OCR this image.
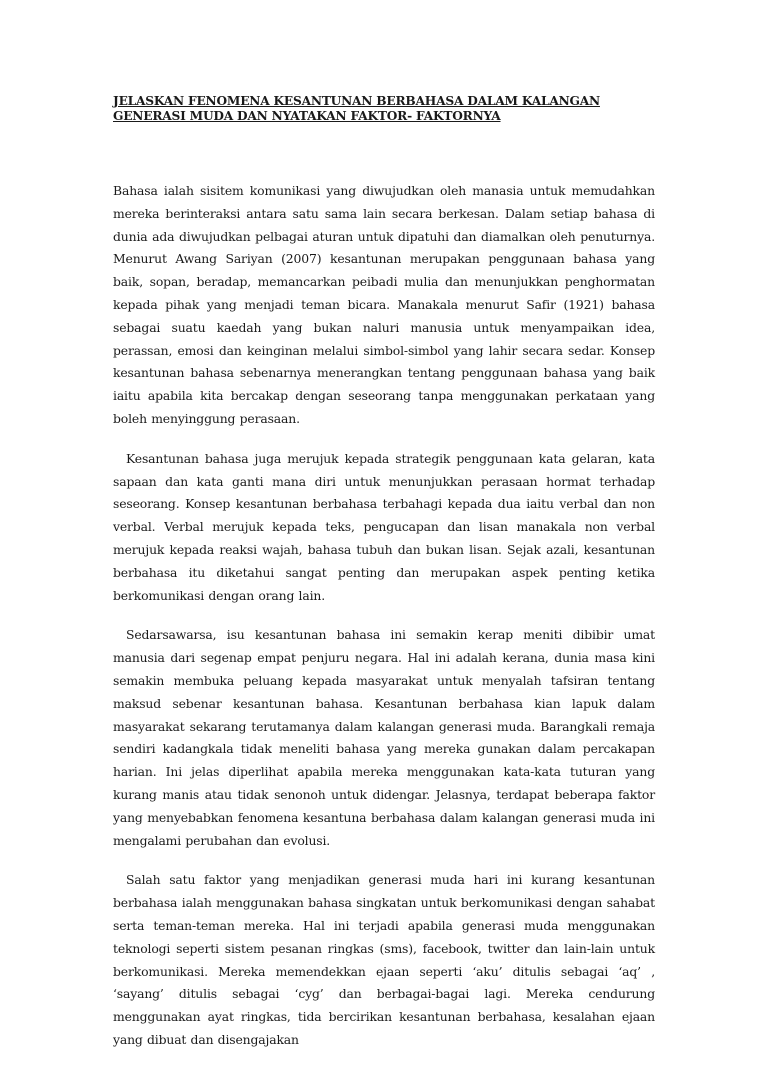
JELASKAN FENOMENA KESANTUNAN BERBAHASA DALAM KALANGAN GENERASI MUDA DAN NYATAKAN FAKTOR- FAKTORNYA

Bahasa ialah sisitem komunikasi yang diwujudkan oleh manasia untuk memudahkan mereka berinteraksi antara satu sama lain secara berkesan. Dalam setiap bahasa di dunia ada diwujudkan pelbagai aturan untuk dipatuhi dan diamalkan oleh penuturnya. Menurut Awang Sariyan (2007) kesantunan merupakan penggunaan bahasa yang baik, sopan, beradap, memancarkan peibadi mulia dan menunjukkan penghormatan kepada pihak yang menjadi teman bicara. Manakala menurut Safir (1921) bahasa sebagai suatu kaedah yang bukan naluri manusia untuk menyampaikan idea, perassan, emosi dan keinginan melalui simbol-simbol yang lahir secara sedar. Konsep kesantunan bahasa sebenarnya menerangkan tentang penggunaan bahasa yang baik iaitu apabila kita bercakap dengan seseorang tanpa menggunakan perkataan yang boleh menyinggung perasaan.

Kesantunan bahasa juga merujuk kepada strategik penggunaan kata gelaran, kata sapaan dan kata ganti mana diri untuk menunjukkan perasaan hormat terhadap seseorang. Konsep kesantunan berbahasa terbahagi kepada dua iaitu verbal dan non verbal. Verbal merujuk kepada teks, pengucapan dan lisan manakala non verbal merujuk kepada reaksi wajah, bahasa tubuh dan bukan lisan. Sejak azali, kesantunan berbahasa itu diketahui sangat penting dan merupakan aspek penting ketika berkomunikasi dengan orang lain.

Sedarsawarsa, isu kesantunan bahasa ini semakin kerap meniti dibibir umat manusia dari segenap empat penjuru negara. Hal ini adalah kerana, dunia masa kini semakin membuka peluang kepada masyarakat untuk menyalah tafsiran tentang maksud sebenar kesantunan bahasa. Kesantunan berbahasa kian lapuk dalam masyarakat sekarang terutamanya dalam kalangan generasi muda. Barangkali remaja sendiri kadangkala tidak meneliti bahasa yang mereka gunakan dalam percakapan harian. Ini jelas diperlihat apabila mereka menggunakan kata-kata tuturan yang kurang manis atau tidak senonoh untuk didengar. Jelasnya, terdapat beberapa faktor yang menyebabkan fenomena kesantuna berbahasa dalam kalangan generasi muda ini mengalami perubahan dan evolusi.

Salah satu faktor yang menjadikan generasi muda hari ini kurang kesantunan berbahasa ialah menggunakan bahasa singkatan untuk berkomunikasi dengan sahabat serta teman-teman mereka. Hal ini terjadi apabila generasi muda menggunakan teknologi seperti sistem pesanan ringkas (sms), facebook, twitter dan lain-lain untuk berkomunikasi. Mereka memendekkan ejaan seperti ‘aku’ ditulis sebagai ‘aq’ , ‘sayang’ ditulis sebagai ‘cyg’ dan berbagai-bagai lagi. Mereka cendurung menggunakan ayat ringkas, tida bercirikan kesantunan berbahasa, kesalahan ejaan yang dibuat dan disengajakan
